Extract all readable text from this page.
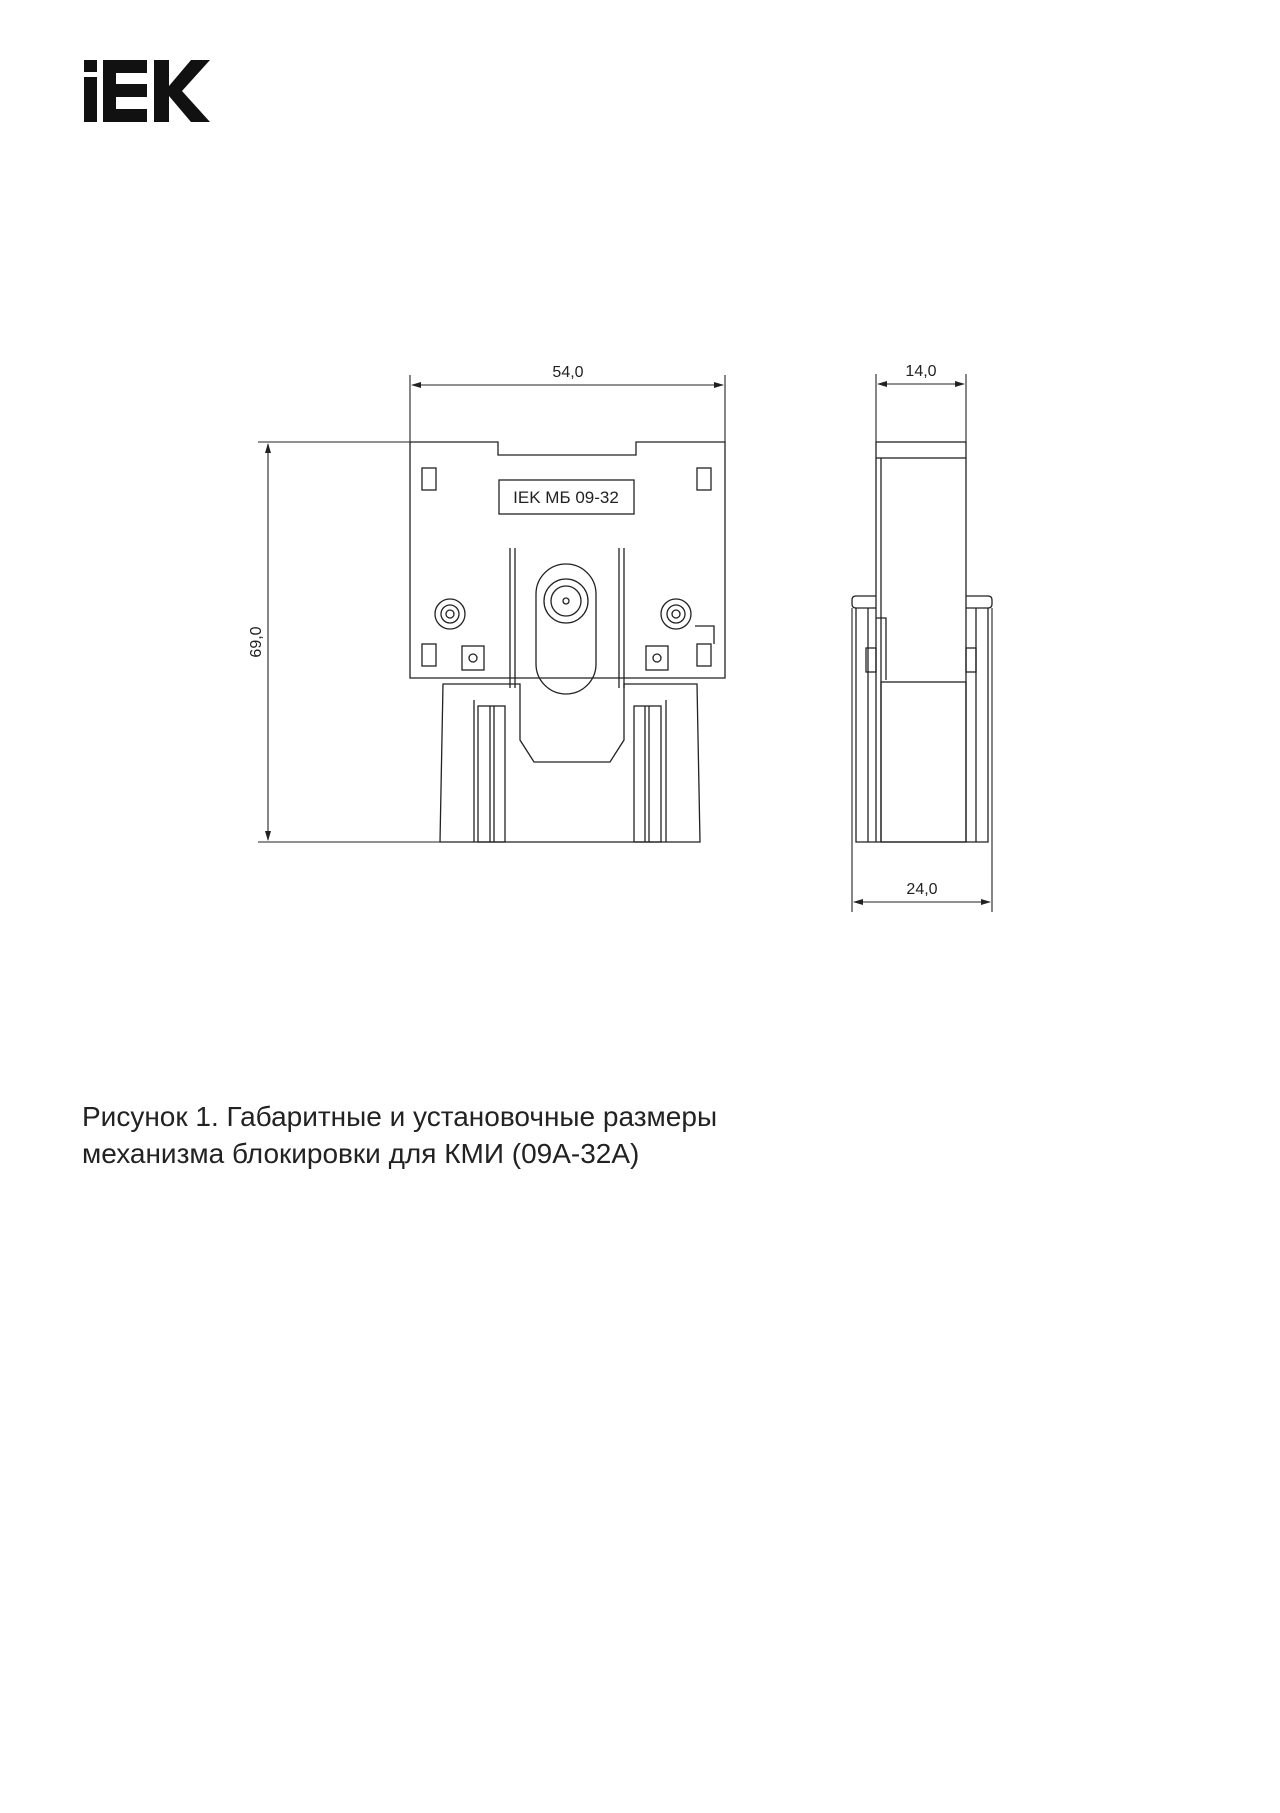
54,0
69,0
IEK МБ 09-32
14,0
24,0
Рисунок 1. Габаритные и установочные размеры
механизма блокировки для КМИ (09А-32А)
